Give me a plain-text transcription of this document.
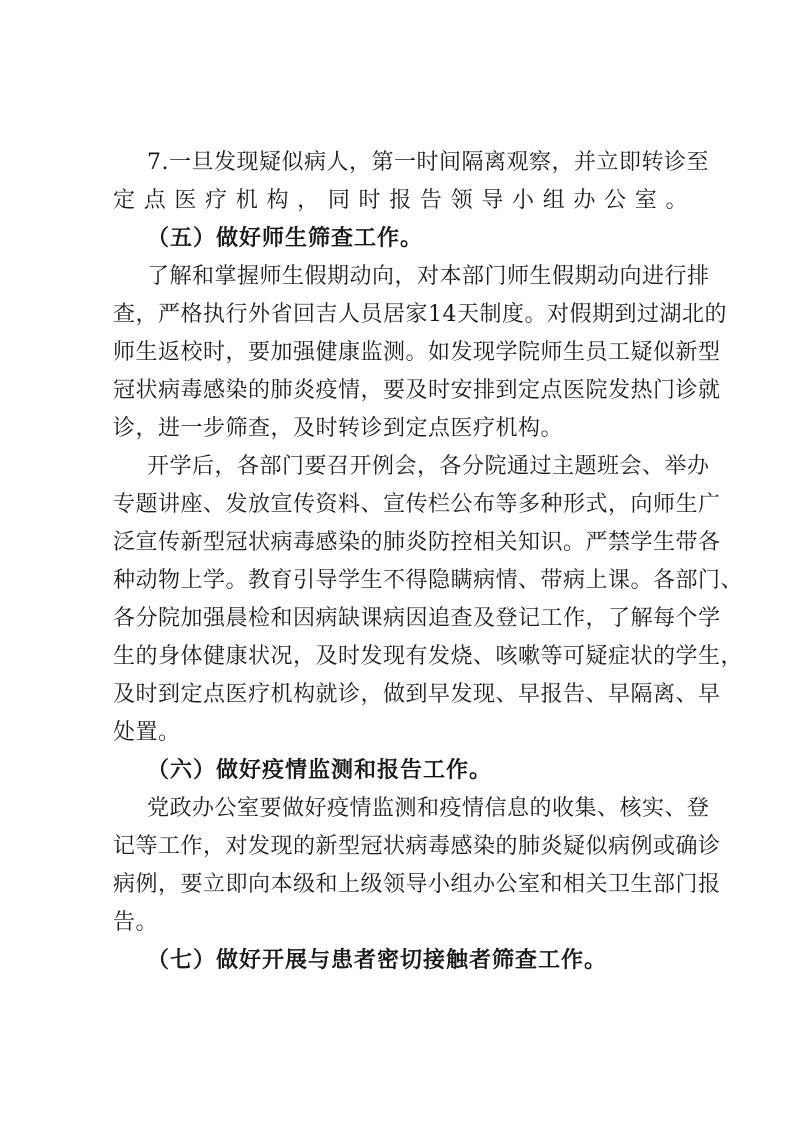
7.一旦发现疑似病人，第一时间隔离观察，并立即转诊至
定点医疗机构，同时报告领导小组办公室。
（五）做好师生筛查工作。
了解和掌握师生假期动向，对本部门师生假期动向进行排
查，严格执行外省回吉人员居家14天制度。对假期到过湖北的
师生返校时，要加强健康监测。如发现学院师生员工疑似新型
冠状病毒感染的肺炎疫情，要及时安排到定点医院发热门诊就
诊，进一步筛查，及时转诊到定点医疗机构。
开学后，各部门要召开例会，各分院通过主题班会、举办
专题讲座、发放宣传资料、宣传栏公布等多种形式，向师生广
泛宣传新型冠状病毒感染的肺炎防控相关知识。严禁学生带各
种动物上学。教育引导学生不得隐瞒病情、带病上课。各部门、
各分院加强晨检和因病缺课病因追查及登记工作，了解每个学
生的身体健康状况，及时发现有发烧、咳嗽等可疑症状的学生，
及时到定点医疗机构就诊，做到早发现、早报告、早隔离、早
处置。
（六）做好疫情监测和报告工作。
党政办公室要做好疫情监测和疫情信息的收集、核实、登
记等工作，对发现的新型冠状病毒感染的肺炎疑似病例或确诊
病例，要立即向本级和上级领导小组办公室和相关卫生部门报
告。
（七）做好开展与患者密切接触者筛查工作。
